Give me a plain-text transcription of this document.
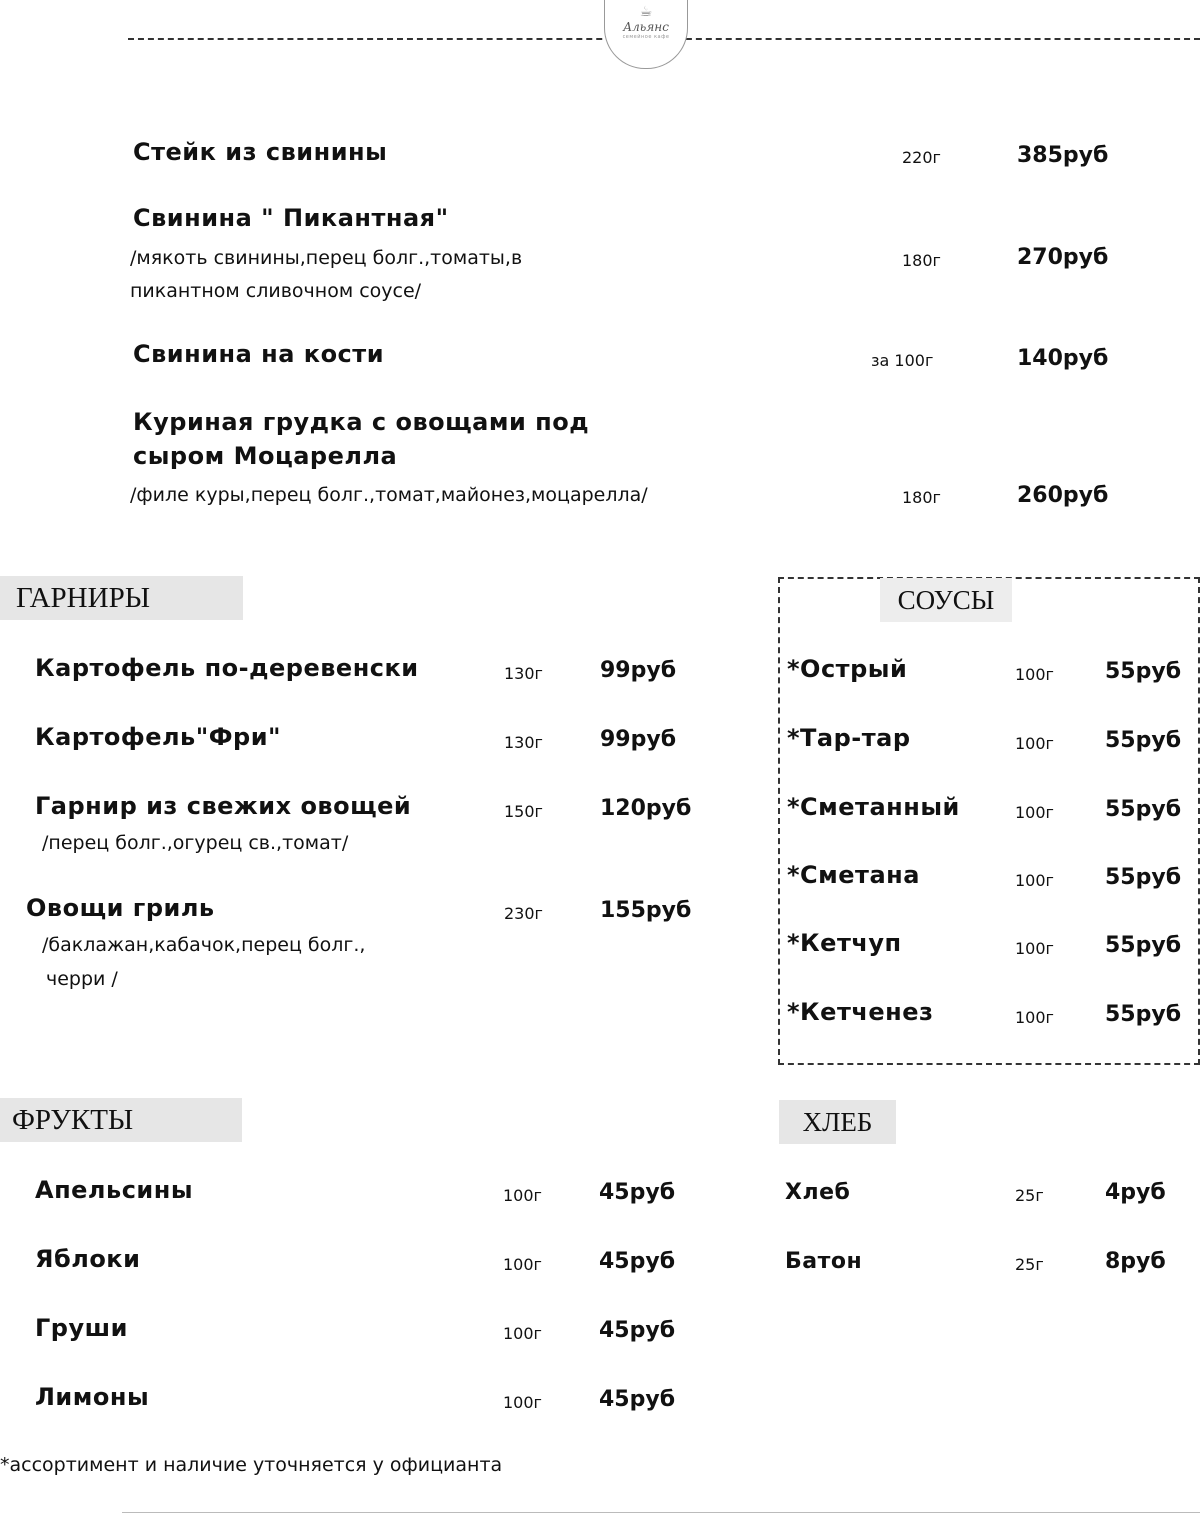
☕
Альянс
семейное кафе
Стейк из свинины	220г	385руб
Свинина " Пикантная"
/мякоть свинины,перец болг.,томаты,в
пикантном сливочном соусе/
180г	270руб
Свинина на кости	за 100г	140руб
Куриная грудка с овощами под
сыром Моцарелла
/филе куры,перец болг.,томат,майонез,моцарелла/	180г	260руб
ГАРНИРЫ
Картофель по-деревенски	130г	99руб
Картофель"Фри"	130г	99руб
Гарнир из свежих овощей
/перец болг.,огурец св.,томат/
150г	120руб
Овощи гриль
/баклажан,кабачок,перец болг.,
черри /
230г	155руб
СОУСЫ
*Острый	100г 55руб
*Тар-тар	100г 55руб
*Сметанный	100г 55руб
*Сметана	100г 55руб
*Кетчуп	100г 55руб
*Кетченез	100г 55руб
ФРУКТЫ
Апельсины	100г	45руб
Яблоки	100г	45руб
Груши	100г	45руб
Лимоны	100г	45руб
ХЛЕБ
Хлеб	25г	4руб
Батон	25г	8руб
*ассортимент и наличие уточняется у официанта
